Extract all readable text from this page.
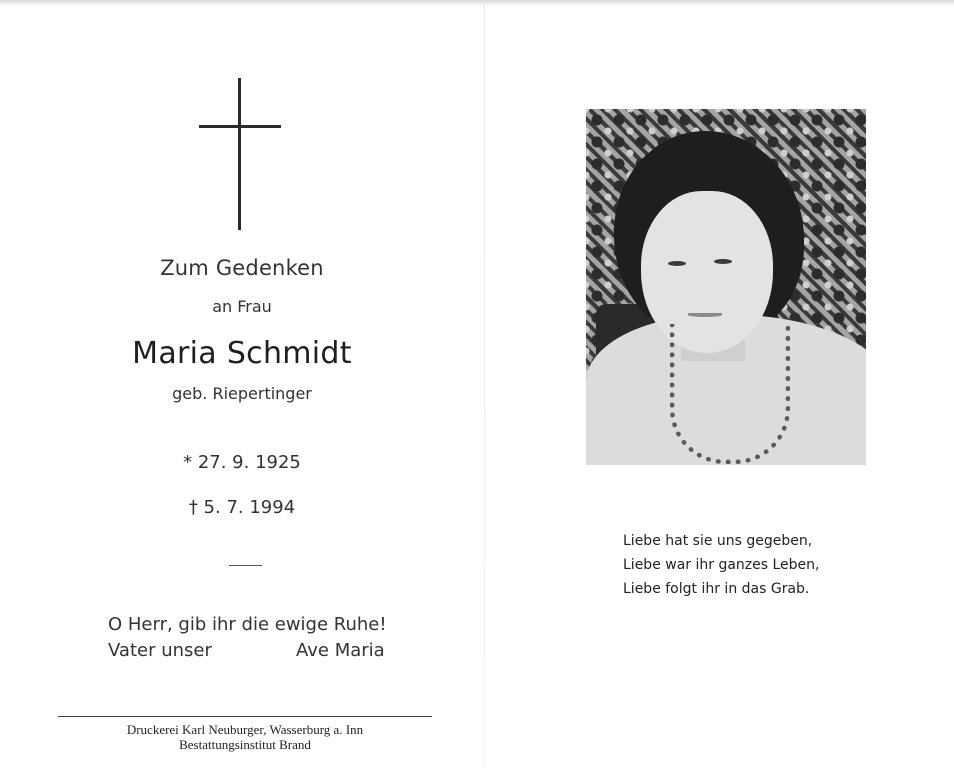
Zum Gedenken
an Frau
Maria Schmidt
geb. Riepertinger
* 27. 9. 1925
† 5. 7. 1994
O Herr, gib ihr die ewige Ruhe!
Vater unser	Ave Maria
Druckerei Karl Neuburger, Wasserburg a. Inn
Bestattungsinstitut Brand
Liebe hat sie uns gegeben,
Liebe war ihr ganzes Leben,
Liebe folgt ihr in das Grab.
